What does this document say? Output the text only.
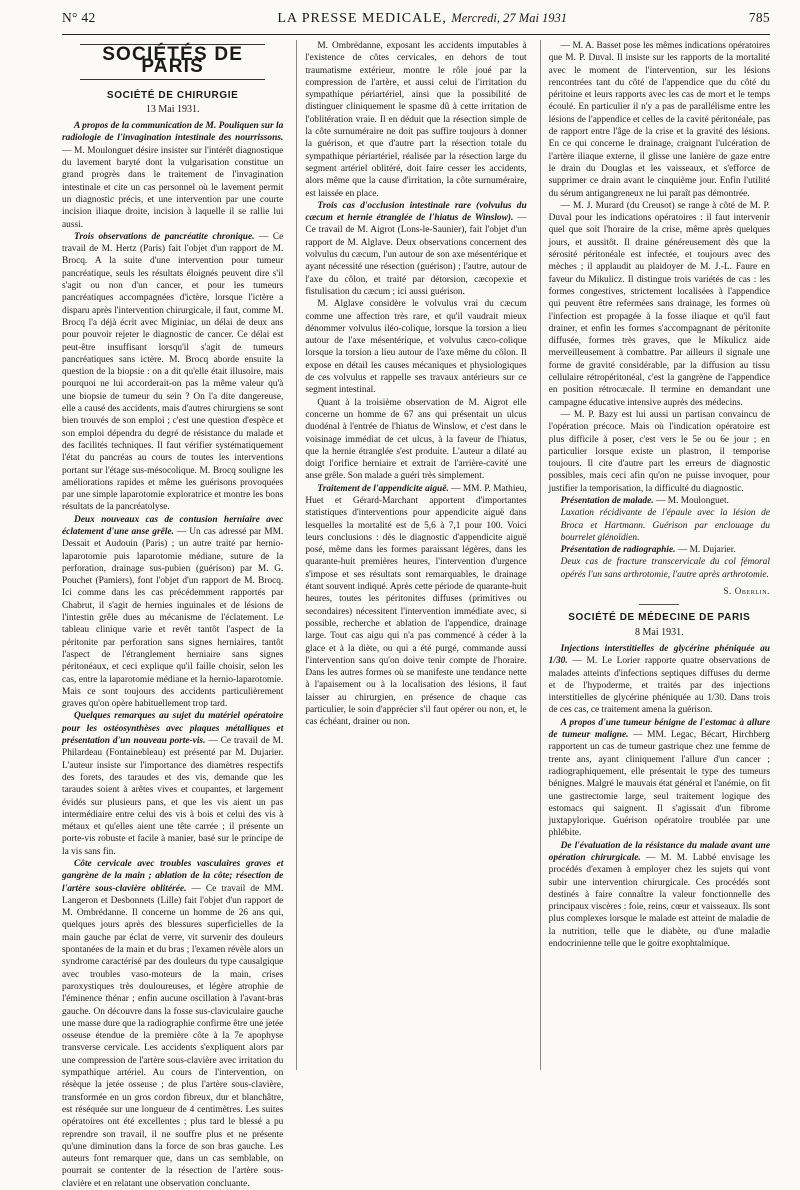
N° 42	LA PRESSE MEDICALE, Mercredi, 27 Mai 1931	785
SOCIÉTÉS DE PARIS
SOCIÉTÉ DE CHIRURGIE
13 Mai 1931.

A propos de la communication de M. Pouliquen sur la radiologie de l'invagination intestinale des nourrissons. — M. Moulonguet désire insister sur l'intérêt diagnostique du lavement baryté dont la vulgarisation constitue un grand progrès dans le traitement de l'invagination intestinale et cite un cas personnel où le lavement permit un diagnostic précis, et une intervention par une courte incision iliaque droite, incision à laquelle il se rallie lui aussi.

Trois observations de pancréatite chronique. — Ce travail de M. Hertz (Paris) fait l'objet d'un rapport de M. Brocq. A la suite d'une intervention pour tumeur pancréatique, seuls les résultats éloignés peuvent dire s'il s'agit ou non d'un cancer, et pour les tumeurs pancréatiques accompagnées d'ictère, lorsque l'ictère a disparu après l'intervention chirurgicale, il faut, comme M. Brocq l'a déjà écrit avec Miginiac, un délai de deux ans pour pouvoir rejeter le diagnostic de cancer. Ce délai est peut-être insuffisant lorsqu'il s'agit de tumeurs pancréatiques sans ictère. M. Brocq aborde ensuite la question de la biopsie : on a dit qu'elle était illusoire, mais pourquoi ne lui accorderait-on pas la même valeur qu'à une biopsie de tumeur du sein ? On l'a dite dangereuse, elle a causé des accidents, mais d'autres chirurgiens se sont bien trouvés de son emploi ; c'est une question d'espèce et son emploi dépendra du degré de résistance du malade et des facilités techniques. Il faut vérifier systématiquement l'état du pancréas au cours de toutes les interventions portant sur l'étage sus-mésocolique. M. Brocq souligne les améliorations rapides et même les guérisons provoquées par une simple laparotomie exploratrice et montre les bons résultats de la pancréatolyse.

Deux nouveaux cas de contusion herniaire avec éclatement d'une anse grêle. — Un cas adressé par MM. Dessait et Audouin (Paris) ; un autre traité par hernio-laparotomie puis laparotomie médiane, suture de la perforation, drainage sus-pubien (guérison) par M. G. Pouchet (Pamiers), font l'objet d'un rapport de M. Brocq. Ici comme dans les cas précédemment rapportés par Chabrut, il s'agit de hernies inguinales et de lésions de l'intestin grêle dues au mécanisme de l'éclatement. Le tableau clinique varie et revêt tantôt l'aspect de la péritonite par perforation sans signes herniaires, tantôt l'aspect de l'étranglement herniaire sans signes péritonéaux, et ceci explique qu'il faille choisir, selon les cas, entre la laparotomie médiane et la hernio-laparotomie. Mais ce sont toujours des accidents particulièrement graves qu'on opère habituellement trop tard.

Quelques remarques au sujet du matériel opératoire pour les ostéosynthèses avec plaques métalliques et présentation d'un nouveau porte-vis. — Ce travail de M. Philardeau (Fontainebleau) est présenté par M. Dujarier. L'auteur insiste sur l'importance des diamètres respectifs des forets, des taraudes et des vis, demande que les taraudes soient à arêtes vives et coupantes, et largement évidés sur plusieurs pans, et que les vis aient un pas intermédiaire entre celui des vis à bois et celui des vis à métaux et qu'elles aient une tête carrée ; il présente un porte-vis robuste et facile à manier, basé sur le principe de la vis sans fin.

Côte cervicale avec troubles vasculaires graves et gangrène de la main ; ablation de la côte; résection de l'artère sous-clavière oblitérée. — Ce travail de MM. Langeron et Desbonnets (Lille) fait l'objet d'un rapport de M. Ombrédanne. Il concerne un homme de 26 ans qui, quelques jours après des blessures superficielles de la main gauche par éclat de verre, vit survenir des douleurs spontanées de la main et du bras ; l'examen révèle alors un syndrome caractérisé par des douleurs du type causalgique avec troubles vaso-moteurs de la main, crises paroxystiques très douloureuses, et légère atrophie de l'éminence thénar ; enfin aucune oscillation à l'avant-bras gauche. On découvre dans la fosse sus-claviculaire gauche une masse dure que la radiographie confirme être une jetée osseuse étendue de la première côte à la 7e apophyse transverse cervicale. Les accidents s'expliquent alors par une compression de l'artère sous-clavière avec irritation du sympathique artériel. Au cours de l'intervention, on résèque la jetée osseuse ; de plus l'artère sous-clavière, transformée en un gros cordon fibreux, dur et blanchâtre, est réséquée sur une longueur de 4 centimètres. Les suites opératoires ont été excellentes ; plus tard le blessé a pu reprendre son travail, il ne souffre plus et ne présente qu'une diminution dans la force de son bras gauche. Les auteurs font remarquer que, dans un cas semblable, on pourrait se contenter de la résection de l'artère sous-clavière et en relatant une observation concluante.

M. Ombrédanne, exposant les accidents imputables à l'existence de côtes cervicales, en dehors de tout traumatisme extérieur, montre le rôle joué par la compression de l'artère, et aussi celui de l'irritation du sympathique périartériel, ainsi que la possibilité de distinguer cliniquement le spasme dû à cette irritation de l'oblitération vraie. Il en déduit que la résection simple de la côte surnuméraire ne doit pas suffire toujours à donner la guérison, et que d'autre part la résection totale du sympathique périartériel, réalisée par la résection large du segment artériel oblitéré, doit faire cesser les accidents, alors même que la cause d'irritation, la côte surnuméraire, est laissée en place.

Trois cas d'occlusion intestinale rare (volvulus du cæcum et hernie étranglée de l'hiatus de Winslow). — Ce travail de M. Aigrot (Lons-le-Saunier), fait l'objet d'un rapport de M. Alglave. Deux observations concernent des volvulus du cæcum, l'un autour de son axe mésentérique et ayant nécessité une résection (guérison) ; l'autre, autour de l'axe du côlon, et traité par détorsion, cæcopexie et fistulisation du cæcum ; ici aussi guérison.

M. Alglave considère le volvulus vrai du cæcum comme une affection très rare, et qu'il vaudrait mieux dénommer volvulus iléo-colique, lorsque la torsion a lieu autour de l'axe mésentérique, et volvulus cæco-colique lorsque la torsion a lieu autour de l'axe même du côlon. Il expose en détail les causes mécaniques et physiologiques de ces volvulus et rappelle ses travaux antérieurs sur ce segment intestinal.

Quant à la troisième observation de M. Aigrot elle concerne un homme de 67 ans qui présentait un ulcus duodénal à l'entrée de l'hiatus de Winslow, et c'est dans le voisinage immédiat de cet ulcus, à la faveur de l'hiatus, que la hernie étranglée s'est produite. L'auteur a dilaté au doigt l'orifice herniaire et extrait de l'arrière-cavité une anse grêle. Son malade a guéri très simplement.

Traitement de l'appendicite aiguë. — MM. P. Mathieu, Huet et Gérard-Marchant apportent d'importantes statistiques d'interventions pour appendicite aiguë dans lesquelles la mortalité est de 5,6 à 7,1 pour 100. Voici leurs conclusions : dès le diagnostic d'appendicite aiguë posé, même dans les formes paraissant légères, dans les quarante-huit premières heures, l'intervention d'urgence s'impose et ses résultats sont remarquables, le drainage étant souvent indiqué. Après cette période de quarante-huit heures, toutes les péritonites diffuses (primitives ou secondaires) nécessitent l'intervention immédiate avec, si possible, recherche et ablation de l'appendice, drainage large. Tout cas aigu qui n'a pas commencé à céder à la glace et à la diète, ou qui a été purgé, commande aussi l'intervention sans qu'on doive tenir compte de l'horaire. Dans les autres formes où se manifeste une tendance nette à l'apaisement ou à la localisation des lésions, il faut laisser au chirurgien, en présence de chaque cas particulier, le soin d'apprécier s'il faut opérer ou non, et, le cas échéant, drainer ou non.

— M. A. Basset pose les mêmes indications opératoires que M. P. Duval. Il insiste sur les rapports de la mortalité avec le moment de l'intervention, sur les lésions rencontrées tant du côté de l'appendice que du côté du péritoine et leurs rapports avec les cas de mort et le temps écoulé. En particulier il n'y a pas de parallélisme entre les lésions de l'appendice et celles de la cavité péritonéale, pas de rapport entre l'âge de la crise et la gravité des lésions. En ce qui concerne le drainage, craignant l'ulcération de l'artère iliaque externe, il glisse une lanière de gaze entre le drain du Douglas et les vaisseaux, et s'efforce de supprimer ce drain avant le cinquième jour. Enfin l'utilité du sérum antigangreneux ne lui paraît pas démontrée.

— M. J. Murard (du Creusot) se range à côté de M. P. Duval pour les indications opératoires : il faut intervenir quel que soit l'horaire de la crise, même après quelques jours, et aussitôt. Il draine généreusement dès que la sérosité péritonéale est infectée, et toujours avec des mèches ; il applaudit au plaidoyer de M. J.-L. Faure en faveur du Mikulicz. Il distingue trois variétés de cas : les formes congestives, strictement localisées à l'appendice qui peuvent être refermées sans drainage, les formes où l'infection est propagée à la fosse iliaque et qu'il faut drainer, et enfin les formes s'accompagnant de péritonite diffusée, formes très graves, que le Mikulicz aide merveilleusement à combattre. Par ailleurs il signale une forme de gravité considérable, par la diffusion au tissu cellulaire rétropéritonéal, c'est la gangrène de l'appendice en position rétrocæcale. Il termine en demandant une campagne éducative intensive auprès des médecins.

— M. P. Bazy est lui aussi un partisan convaincu de l'opération précoce. Mais où l'indication opératoire est plus difficile à poser, c'est vers le 5e ou 6e jour ; en particulier lorsque existe un plastron, il temporise toujours. Il cite d'autre part les erreurs de diagnostic possibles, mais ceci afin qu'on ne puisse invoquer, pour justifier la temporisation, la difficulté du diagnostic.

Présentation de malade. — M. Moulonguet.

Luxation récidivante de l'épaule avec la lésion de Broca et Hartmann. Guérison par enclouage du bourrelet glénoïdien.

Présentation de radiographie. — M. Dujarier.

Deux cas de fracture transcervicale du col fémoral opérés l'un sans arthrotomie, l'autre après arthrotomie.

S. Oberlin.
SOCIÉTÉ DE MÉDECINE DE PARIS
8 Mai 1931.

Injections interstitielles de glycérine phéniquée au 1/30. — M. Le Lorier rapporte quatre observations de malades atteints d'infections septiques diffuses du derme et de l'hypoderme, et traités par des injections interstitielles de glycérine phéniquée au 1/30. Dans trois de ces cas, ce traitement amena la guérison.

A propos d'une tumeur bénigne de l'estomac à allure de tumeur maligne. — MM. Legac, Bécart, Hirchberg rapportent un cas de tumeur gastrique chez une femme de trente ans, ayant cliniquement l'allure d'un cancer ; radiographiquement, elle présentait le type des tumeurs bénignes. Malgré le mauvais état général et l'anémie, on fit une gastrectomie large, seul traitement logique des estomacs qui saignent. Il s'agissait d'un fibrome juxtapylorique. Guérison opératoire troublée par une phlébite.

De l'évaluation de la résistance du malade avant une opération chirurgicale. — M. M. Labbé envisage les procédés d'examen à employer chez les sujets qui vont subir une intervention chirurgicale. Ces procédés sont destinés à faire connaître la valeur fonctionnelle des principaux viscères : foie, reins, cœur et vaisseaux. Ils sont plus complexes lorsque le malade est atteint de maladie de la nutrition, telle que le diabète, ou d'une maladie endocrinienne telle que le goitre exophtalmique.
